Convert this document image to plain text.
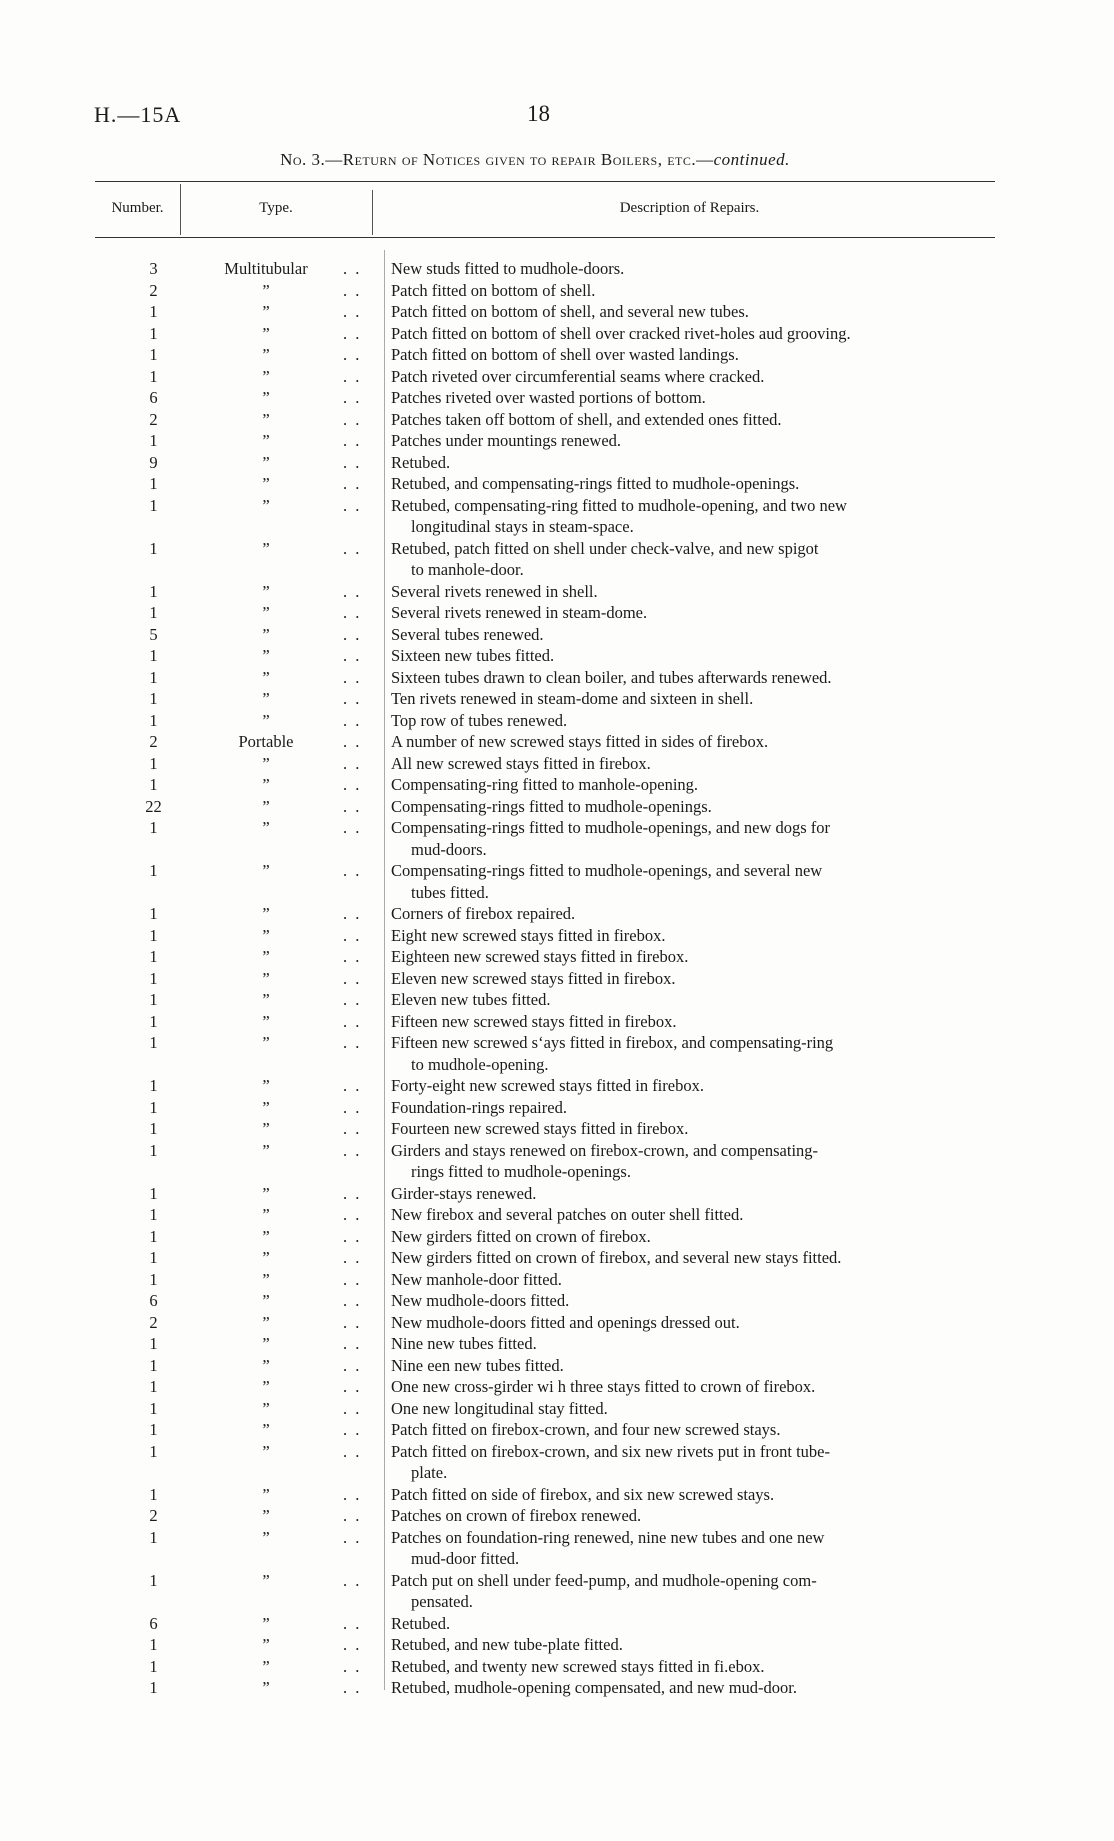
H.—15A	18
No. 3.—Return of Notices given to repair Boilers, etc.—continued.
Number.	Type.	Description of Repairs.
3	Multitubular	. .	New studs fitted to mudhole-doors.
2	”	. .	Patch fitted on bottom of shell.
1	”	. .	Patch fitted on bottom of shell, and several new tubes.
1	”	. .	Patch fitted on bottom of shell over cracked rivet-holes aud grooving.
1	”	. .	Patch fitted on bottom of shell over wasted landings.
1	”	. .	Patch riveted over circumferential seams where cracked.
6	”	. .	Patches riveted over wasted portions of bottom.
2	”	. .	Patches taken off bottom of shell, and extended ones fitted.
1	”	. .	Patches under mountings renewed.
9	”	. .	Retubed.
1	”	. .	Retubed, and compensating-rings fitted to mudhole-openings.
1	”	. .	Retubed, compensating-ring fitted to mudhole-opening, and two new
longitudinal stays in steam-space.
1	”	. .	Retubed, patch fitted on shell under check-valve, and new spigot
to manhole-door.
1	”	. .	Several rivets renewed in shell.
1	”	. .	Several rivets renewed in steam-dome.
5	”	. .	Several tubes renewed.
1	”	. .	Sixteen new tubes fitted.
1	”	. .	Sixteen tubes drawn to clean boiler, and tubes afterwards renewed.
1	”	. .	Ten rivets renewed in steam-dome and sixteen in shell.
1	”	. .	Top row of tubes renewed.
2	Portable	. .	A number of new screwed stays fitted in sides of firebox.
1	”	. .	All new screwed stays fitted in firebox.
1	”	. .	Compensating-ring fitted to manhole-opening.
22	”	. .	Compensating-rings fitted to mudhole-openings.
1	”	. .	Compensating-rings fitted to mudhole-openings, and new dogs for
mud-doors.
1	”	. .	Compensating-rings fitted to mudhole-openings, and several new
tubes fitted.
1	”	. .	Corners of firebox repaired.
1	”	. .	Eight new screwed stays fitted in firebox.
1	”	. .	Eighteen new screwed stays fitted in firebox.
1	”	. .	Eleven new screwed stays fitted in firebox.
1	”	. .	Eleven new tubes fitted.
1	”	. .	Fifteen new screwed stays fitted in firebox.
1	”	. .	Fifteen new screwed s‘ays fitted in firebox, and compensating-ring
to mudhole-opening.
1	”	. .	Forty-eight new screwed stays fitted in firebox.
1	”	. .	Foundation-rings repaired.
1	”	. .	Fourteen new screwed stays fitted in firebox.
1	”	. .	Girders and stays renewed on firebox-crown, and compensating-
rings fitted to mudhole-openings.
1	”	. .	Girder-stays renewed.
1	”	. .	New firebox and several patches on outer shell fitted.
1	”	. .	New girders fitted on crown of firebox.
1	”	. .	New girders fitted on crown of firebox, and several new stays fitted.
1	”	. .	New manhole-door fitted.
6	”	. .	New mudhole-doors fitted.
2	”	. .	New mudhole-doors fitted and openings dressed out.
1	”	. .	Nine new tubes fitted.
1	”	. .	Nine een new tubes fitted.
1	”	. .	One new cross-girder wi h three stays fitted to crown of firebox.
1	”	. .	One new longitudinal stay fitted.
1	”	. .	Patch fitted on firebox-crown, and four new screwed stays.
1	”	. .	Patch fitted on firebox-crown, and six new rivets put in front tube-
plate.
1	”	. .	Patch fitted on side of firebox, and six new screwed stays.
2	”	. .	Patches on crown of firebox renewed.
1	”	. .	Patches on foundation-ring renewed, nine new tubes and one new
mud-door fitted.
1	”	. .	Patch put on shell under feed-pump, and mudhole-opening com-
pensated.
6	”	. .	Retubed.
1	”	. .	Retubed, and new tube-plate fitted.
1	”	. .	Retubed, and twenty new screwed stays fitted in fi.ebox.
1	”	. .	Retubed, mudhole-opening compensated, and new mud-door.
